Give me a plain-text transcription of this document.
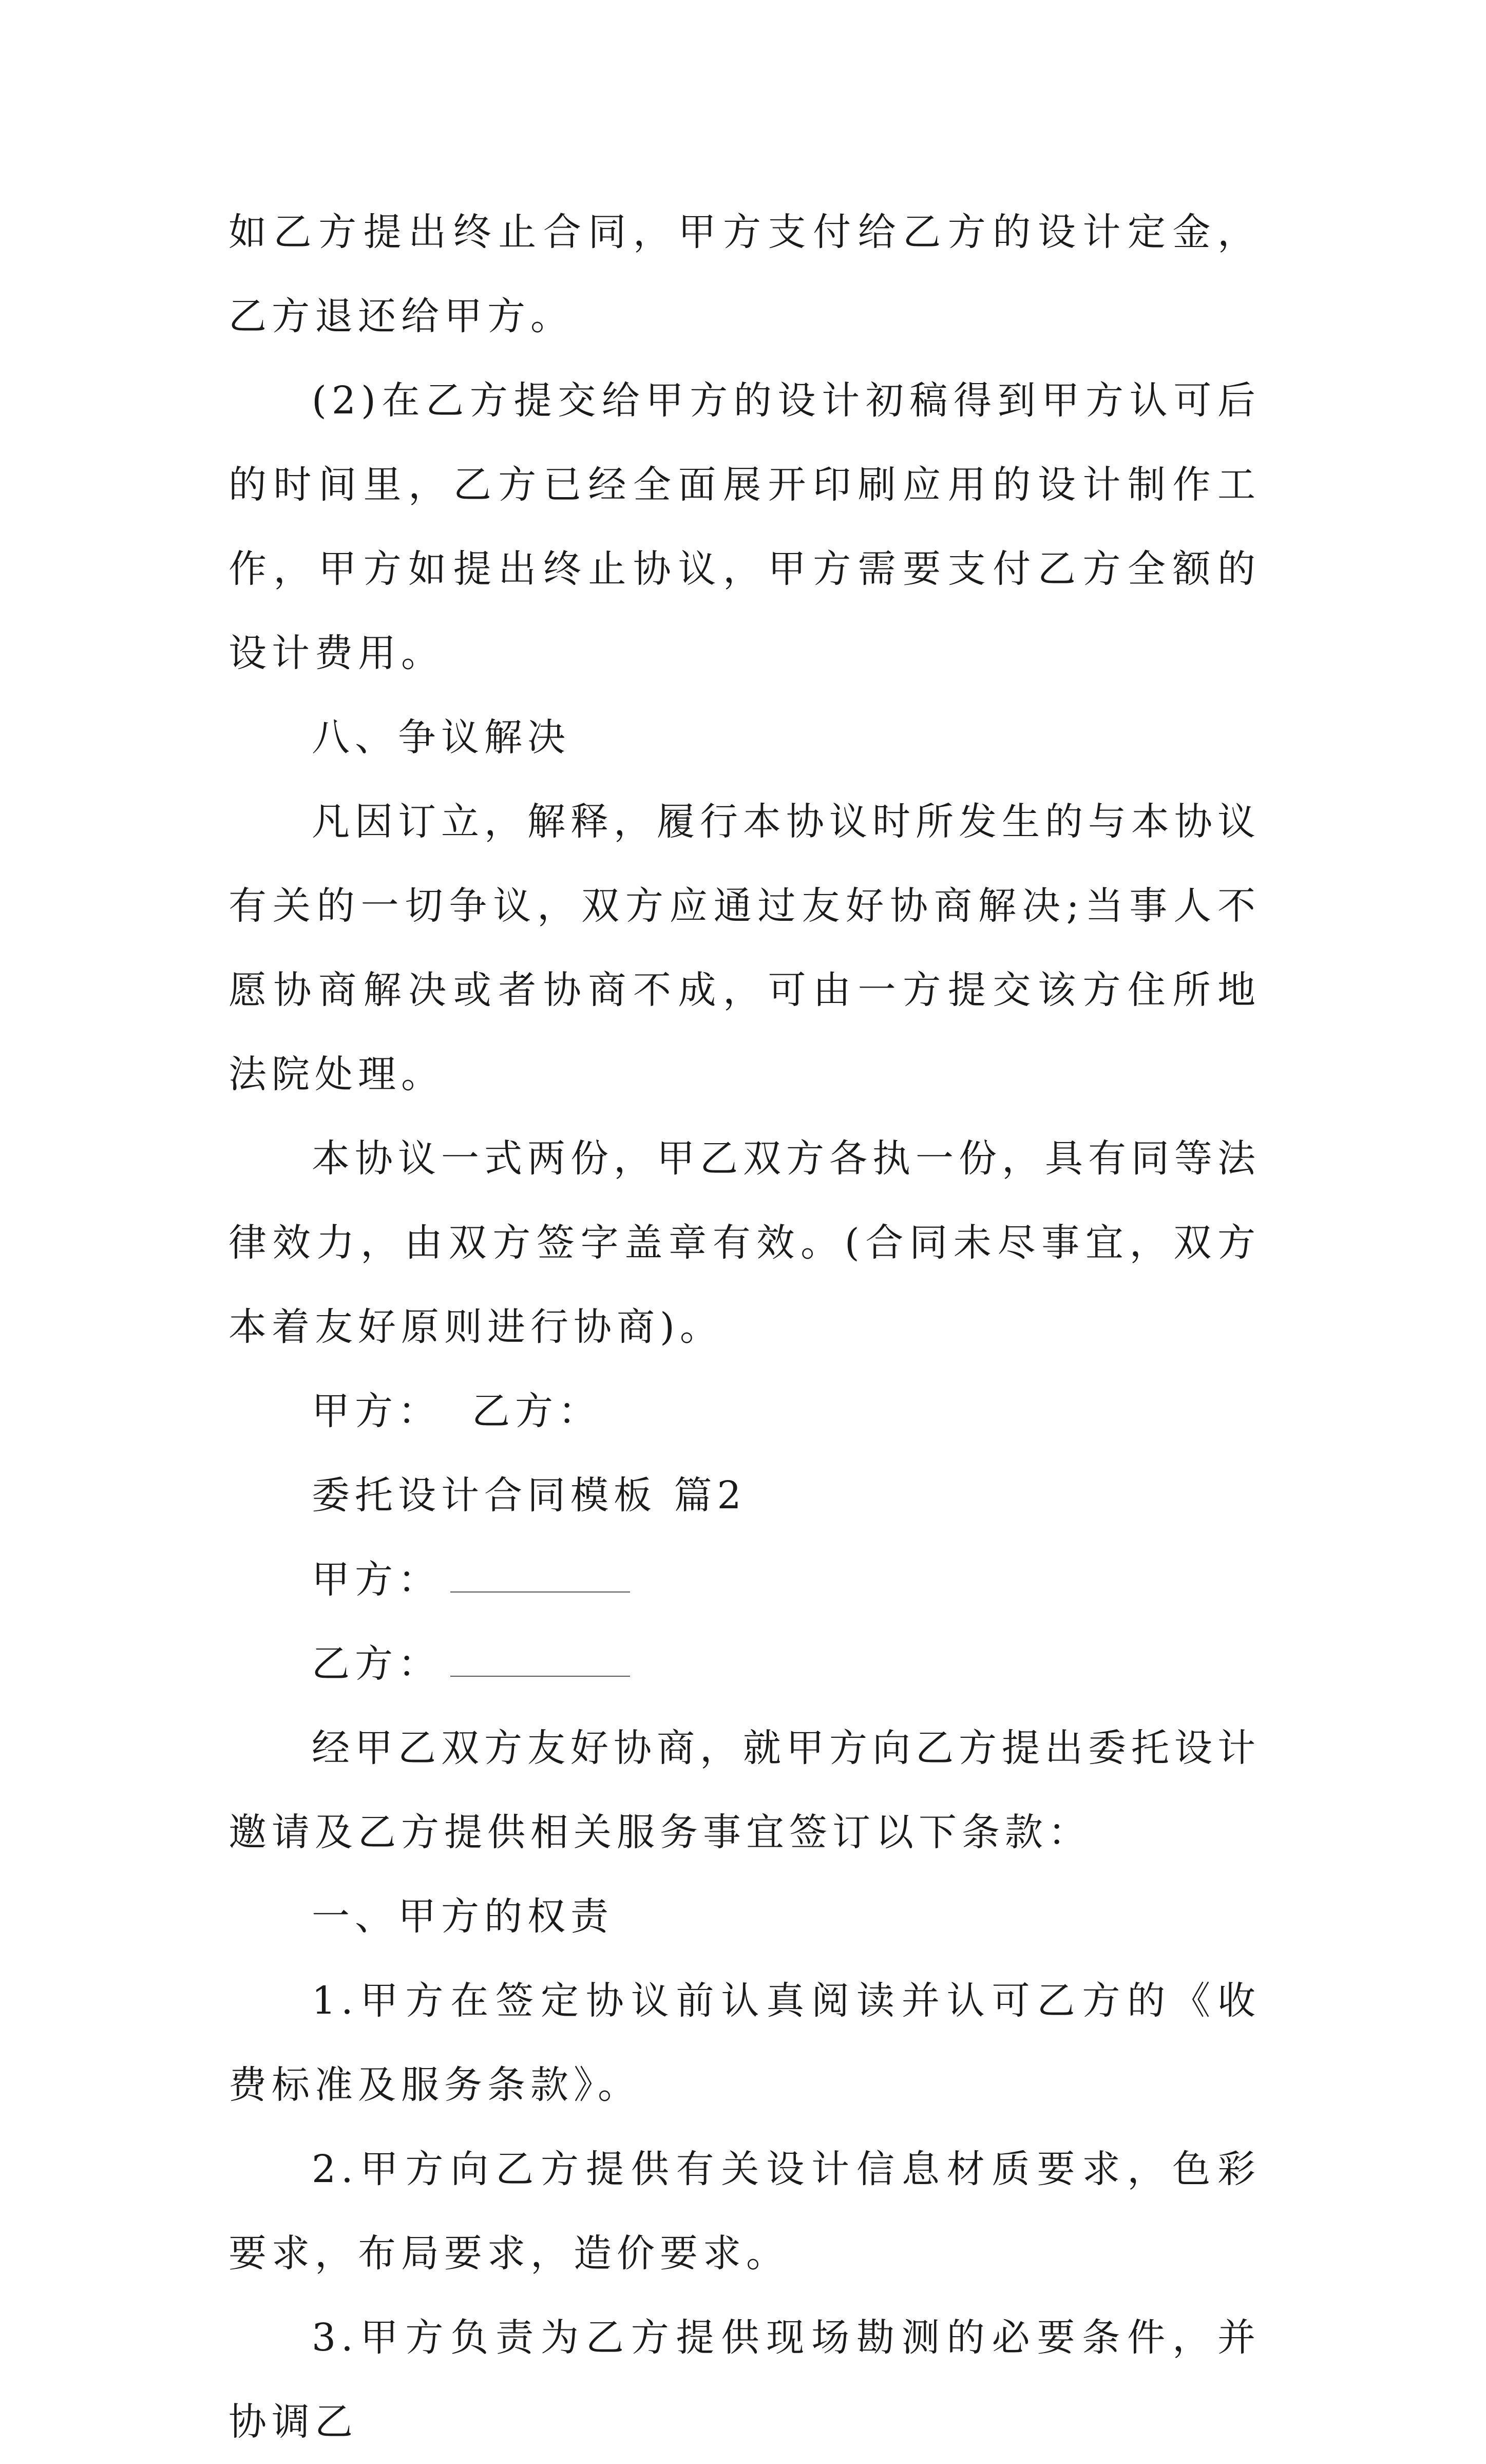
如乙方提出终止合同，甲方支付给乙方的设计定金，乙方退还给甲方。

(2)在乙方提交给甲方的设计初稿得到甲方认可后的时间里，乙方已经全面展开印刷应用的设计制作工作，甲方如提出终止协议，甲方需要支付乙方全额的设计费用。

八、争议解决

凡因订立，解释，履行本协议时所发生的与本协议有关的一切争议，双方应通过友好协商解决;当事人不愿协商解决或者协商不成，可由一方提交该方住所地法院处理。

本协议一式两份，甲乙双方各执一份，具有同等法律效力，由双方签字盖章有效。(合同未尽事宜，双方本着友好原则进行协商)。

甲方： 乙方：

委托设计合同模板 篇2

甲方：

乙方：

经甲乙双方友好协商，就甲方向乙方提出委托设计邀请及乙方提供相关服务事宜签订以下条款：

一、甲方的权责

1.甲方在签定协议前认真阅读并认可乙方的《收费标准及服务条款》。

2.甲方向乙方提供有关设计信息材质要求，色彩要求，布局要求，造价要求。

3.甲方负责为乙方提供现场勘测的必要条件，并协调乙
